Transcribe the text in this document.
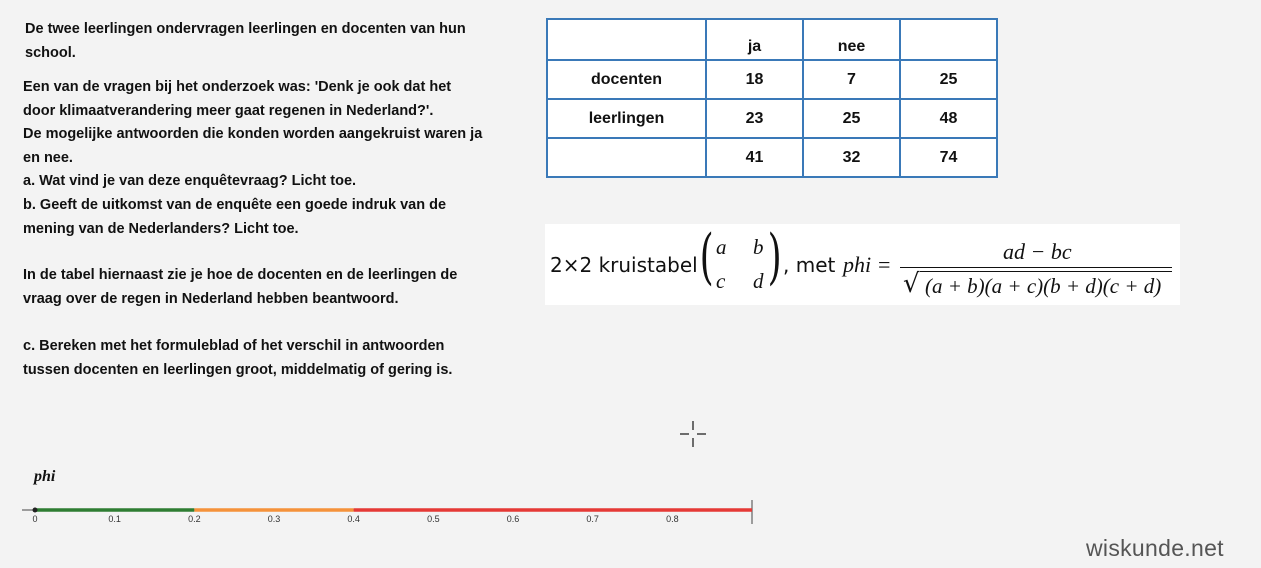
De twee leerlingen ondervragen leerlingen en docenten van hun
school.

Een van de vragen bij het onderzoek was: 'Denk je ook dat het
door klimaatverandering meer gaat regenen in Nederland?'.
De mogelijke antwoorden die konden worden aangekruist waren ja
en nee.
a. Wat vind je van deze enquêtevraag? Licht toe.
b. Geeft de uitkomst van de enquête een goede indruk van de
mening van de Nederlanders? Licht toe.

In de tabel hiernaast zie je hoe de docenten en de leerlingen de
vraag over de regen in Nederland hebben beantwoord.

c. Bereken met het formuleblad of het verschil in antwoorden
tussen docenten en leerlingen groot, middelmatig of gering is.

	ja	nee	
docenten	18	7	25
leerlingen	23	25	48
	41	32	74
2×2 kruistabel ( a b
c d ) , met phi =
ad − bc
√ (a + b)(a + c)(b + d)(c + d)
phi
0	0.1	0.2	0.3	0.4	0.5	0.6	0.7	0.8
wiskunde.net
